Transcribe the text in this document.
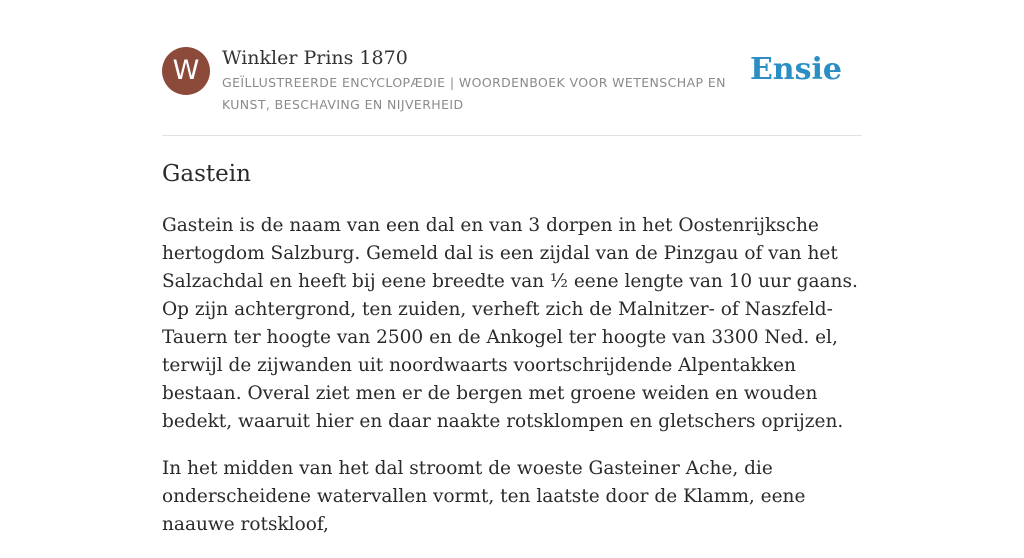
W	Winkler Prins 1870
GEÏLLUSTREERDE ENCYCLOPÆDIE | WOORDENBOEK VOOR WETENSCHAP EN KUNST, BESCHAVING EN NIJVERHEID
Ensie
Gastein

Gastein is de naam van een dal en van 3 dorpen in het Oostenrijksche hertogdom Salzburg. Gemeld dal is een zijdal van de Pinzgau of van het Salzachdal en heeft bij eene breedte van ½ eene lengte van 10 uur gaans. Op zijn achtergrond, ten zuiden, verheft zich de Malnitzer- of Naszfeld-Tauern ter hoogte van 2500 en de Ankogel ter hoogte van 3300 Ned. el, terwijl de zijwanden uit noordwaarts voortschrijdende Alpentakken bestaan. Overal ziet men er de bergen met groene weiden en wouden bedekt, waaruit hier en daar naakte rotsklompen en gletschers oprijzen.

In het midden van het dal stroomt de woeste Gasteiner Ache, die onderscheidene watervallen vormt, ten laatste door de Klamm, eene naauwe rotskloof,
